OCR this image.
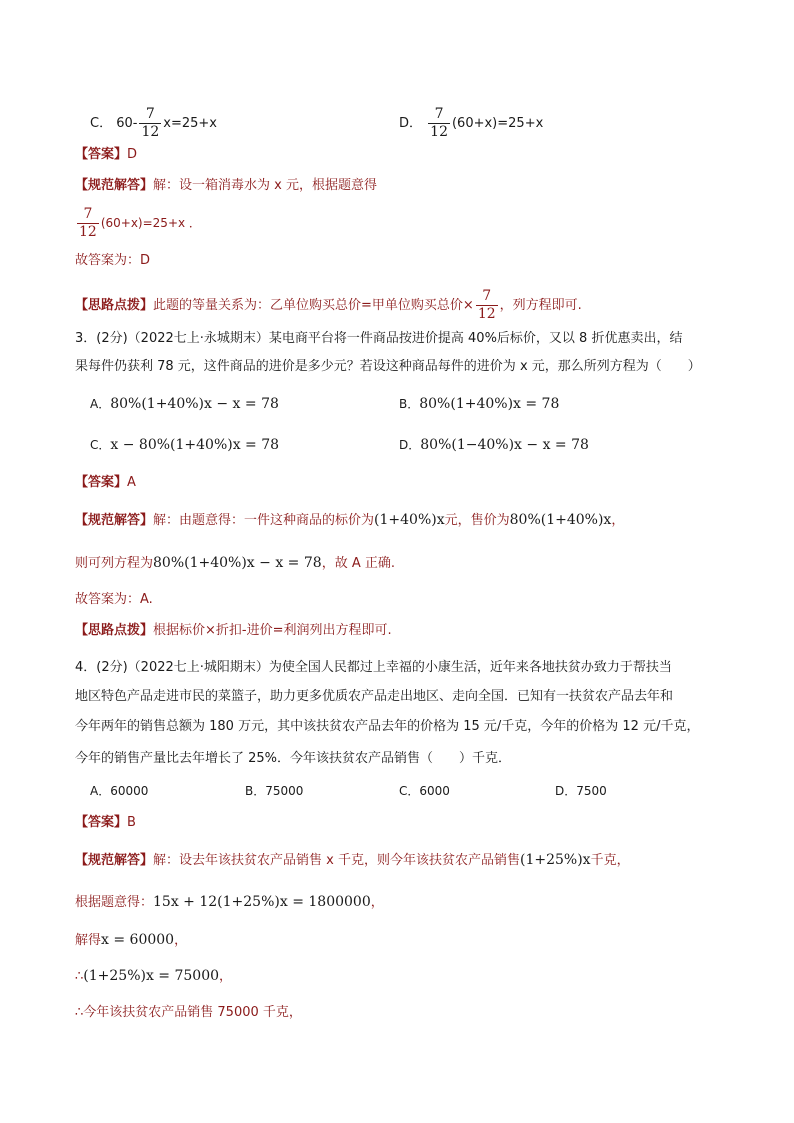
C． $60- \frac{7}{12} x=25+x$	D． $\frac{7}{12} (60+x)=25+x$
【答案】D
【规范解答】解：设一箱消毒水为 x 元，根据题意得
$\frac{7}{12} (60+x)=25+x$ ．
故答案为：D
【思路点拨】此题的等量关系为：乙单位购买总价=甲单位购买总价× $\frac{7}{12}$ ，列方程即可.
3．(2分)（2022七上·永城期末）某电商平台将一件商品按进价提高 40%后标价，又以 8 折优惠卖出，结
果每件仍获利 78 元，这件商品的进价是多少元？若设这种商品每件的进价为 x 元，那么所列方程为（　　）
A．80%(1+40%)x − x = 78	B．80%(1+40%)x = 78
C．x − 80%(1+40%)x = 78	D．80%(1−40%)x − x = 78
【答案】A
【规范解答】解：由题意得：一件这种商品的标价为(1+40%)x元，售价为80%(1+40%)x，
则可列方程为80%(1+40%)x − x = 78，故 A 正确.
故答案为：A.
【思路点拨】根据标价×折扣-进价=利润列出方程即可.
4．(2分)（2022七上·城阳期末）为使全国人民都过上幸福的小康生活，近年来各地扶贫办致力于帮扶当
地区特色产品走进市民的菜篮子，助力更多优质农产品走出地区、走向全国．已知有一扶贫农产品去年和
今年两年的销售总额为 180 万元，其中该扶贫农产品去年的价格为 15 元/千克，今年的价格为 12 元/千克，
今年的销售产量比去年增长了 25%．今年该扶贫农产品销售（　　）千克．
A．60000	B．75000	C．6000	D．7500
【答案】B
【规范解答】解：设去年该扶贫农产品销售 x 千克，则今年该扶贫农产品销售(1+25%)x千克，
根据题意得：15x + 12(1+25%)x = 1800000，
解得x = 60000，
∴(1+25%)x = 75000，
∴今年该扶贫农产品销售 75000 千克，
